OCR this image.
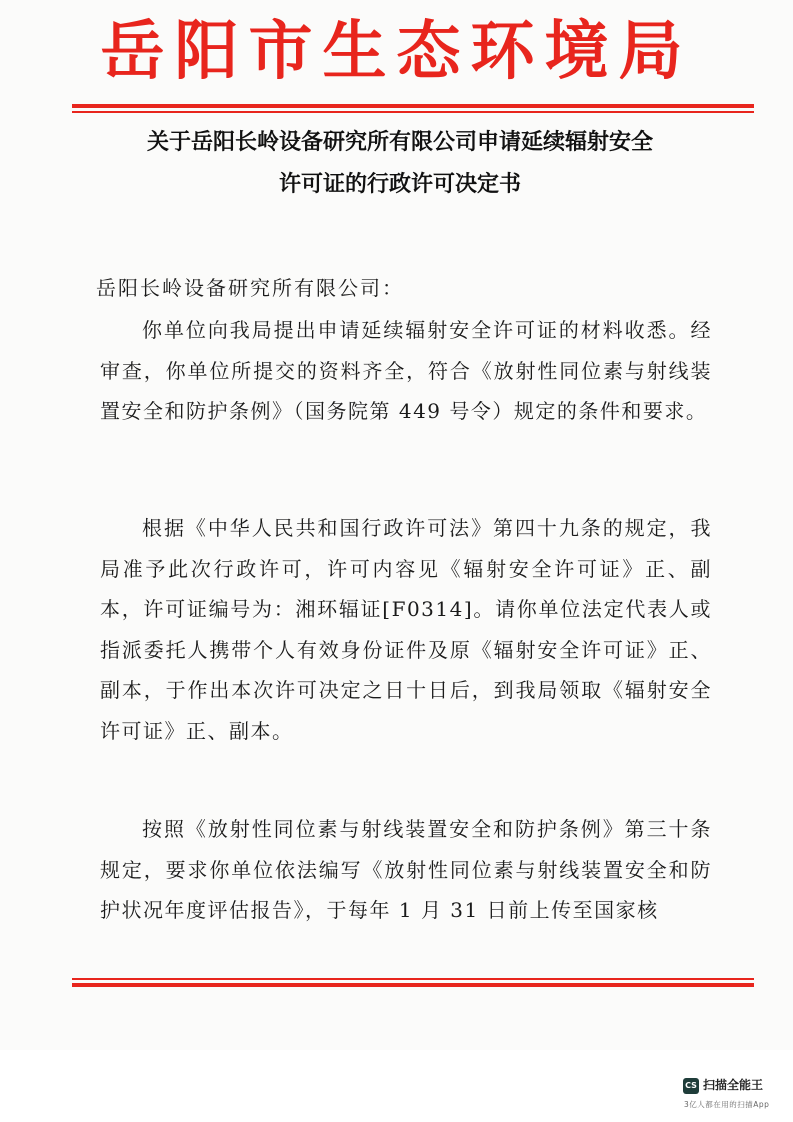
岳阳市生态环境局
关于岳阳长岭设备研究所有限公司申请延续辐射安全
许可证的行政许可决定书
岳阳长岭设备研究所有限公司：
你单位向我局提出申请延续辐射安全许可证的材料收悉。经审查，你单位所提交的资料齐全，符合《放射性同位素与射线装置安全和防护条例》（国务院第 449 号令）规定的条件和要求。
根据《中华人民共和国行政许可法》第四十九条的规定，我局准予此次行政许可，许可内容见《辐射安全许可证》正、副本，许可证编号为：湘环辐证[F0314]。请你单位法定代表人或指派委托人携带个人有效身份证件及原《辐射安全许可证》正、副本，于作出本次许可决定之日十日后，到我局领取《辐射安全许可证》正、副本。
按照《放射性同位素与射线装置安全和防护条例》第三十条规定，要求你单位依法编写《放射性同位素与射线装置安全和防护状况年度评估报告》，于每年 1 月 31 日前上传至国家核
CS 扫描全能王
3亿人都在用的扫描App
